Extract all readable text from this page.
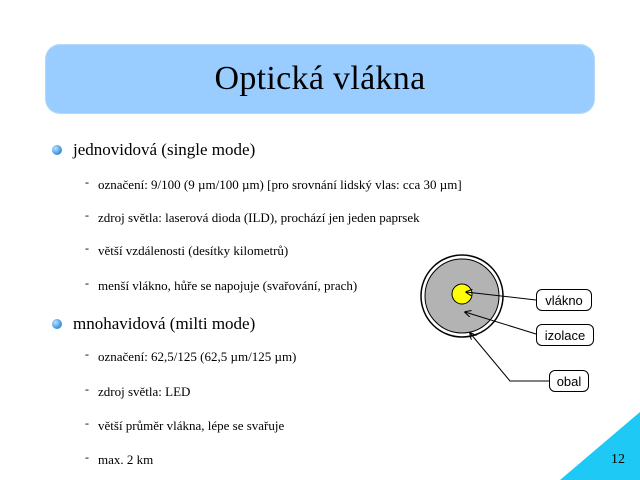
Optická vlákna
jednovidová (single mode)
- označení: 9/100 (9 µm/100 µm) [pro srovnání lidský vlas: cca 30 µm]
- zdroj světla: laserová dioda (ILD), prochází jen jeden paprsek
- větší vzdálenosti (desítky kilometrů)
- menší vlákno, hůře se napojuje (svařování, prach)
mnohavidová (milti mode)
- označení: 62,5/125 (62,5 µm/125 µm)
- zdroj světla: LED
- větší průměr vlákna, lépe se svařuje
- max. 2 km
vlákno
izolace
obal
12
